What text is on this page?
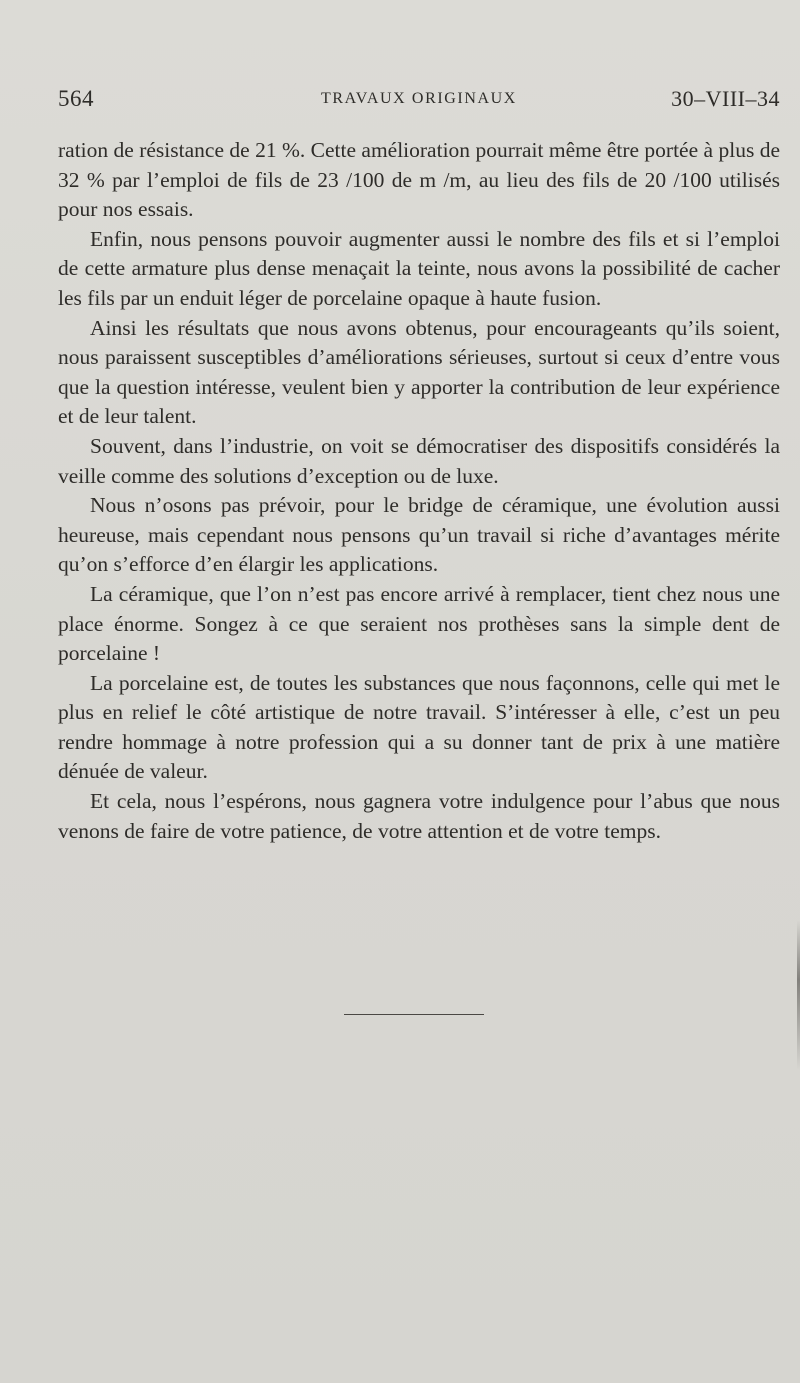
564	TRAVAUX ORIGINAUX	30–VIII–34

ration de résistance de 21 %. Cette amélioration pourrait même être portée à plus de 32 % par l’emploi de fils de 23 /100 de m /m, au lieu des fils de 20 /100 utilisés pour nos essais.

Enfin, nous pensons pouvoir augmenter aussi le nombre des fils et si l’emploi de cette armature plus dense menaçait la teinte, nous avons la possibilité de cacher les fils par un enduit léger de porcelaine opaque à haute fusion.

Ainsi les résultats que nous avons obtenus, pour encourageants qu’ils soient, nous paraissent susceptibles d’améliorations sérieuses, surtout si ceux d’entre vous que la question intéresse, veulent bien y apporter la contribution de leur expérience et de leur talent.

Souvent, dans l’industrie, on voit se démocratiser des dispositifs considérés la veille comme des solutions d’exception ou de luxe.

Nous n’osons pas prévoir, pour le bridge de céramique, une évolution aussi heureuse, mais cependant nous pensons qu’un travail si riche d’avantages mérite qu’on s’efforce d’en élargir les applications.

La céramique, que l’on n’est pas encore arrivé à remplacer, tient chez nous une place énorme. Songez à ce que seraient nos prothèses sans la simple dent de porcelaine !

La porcelaine est, de toutes les substances que nous façonnons, celle qui met le plus en relief le côté artistique de notre travail. S’intéresser à elle, c’est un peu rendre hommage à notre profession qui a su donner tant de prix à une matière dénuée de valeur.

Et cela, nous l’espérons, nous gagnera votre indulgence pour l’abus que nous venons de faire de votre patience, de votre attention et de votre temps.
